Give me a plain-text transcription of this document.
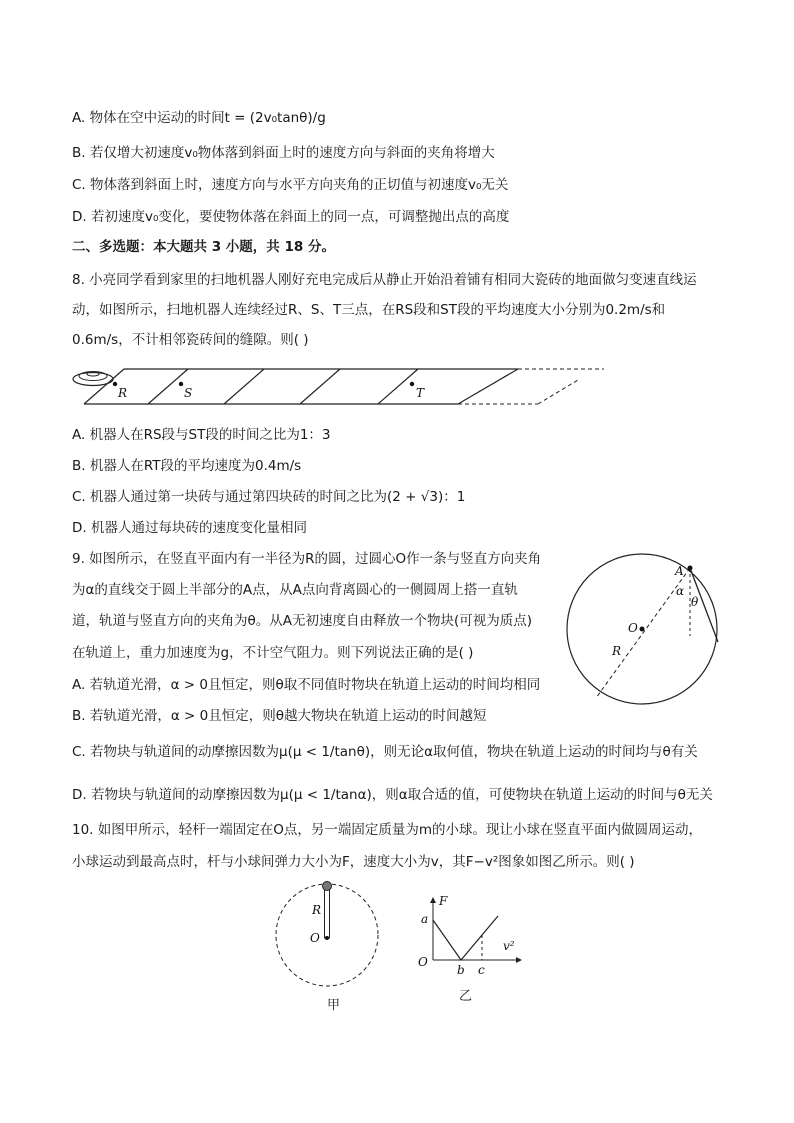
A. 物体在空中运动的时间t = (2v₀tanθ)/g
B. 若仅增大初速度v₀物体落到斜面上时的速度方向与斜面的夹角将增大
C. 物体落到斜面上时，速度方向与水平方向夹角的正切值与初速度v₀无关
D. 若初速度v₀变化，要使物体落在斜面上的同一点，可调整抛出点的高度
二、多选题：本大题共 3 小题，共 18 分。
8. 小亮同学看到家里的扫地机器人刚好充电完成后从静止开始沿着铺有相同大瓷砖的地面做匀变速直线运
动，如图所示，扫地机器人连续经过R、S、T三点，在RS段和ST段的平均速度大小分别为0.2m/s和
0.6m/s，不计相邻瓷砖间的缝隙。则( )
R	S	T
A. 机器人在RS段与ST段的时间之比为1：3
B. 机器人在RT段的平均速度为0.4m/s
C. 机器人通过第一块砖与通过第四块砖的时间之比为(2 + √3)：1
D. 机器人通过每块砖的速度变化量相同
9. 如图所示，在竖直平面内有一半径为R的圆，过圆心O作一条与竖直方向夹角
为α的直线交于圆上半部分的A点，从A点向背离圆心的一侧圆周上搭一直轨
道，轨道与竖直方向的夹角为θ。从A无初速度自由释放一个物块(可视为质点)
在轨道上，重力加速度为g，不计空气阻力。则下列说法正确的是( )
A
α
θ
O
R
A. 若轨道光滑，α > 0且恒定，则θ取不同值时物块在轨道上运动的时间均相同
B. 若轨道光滑，α > 0且恒定，则θ越大物块在轨道上运动的时间越短
C. 若物块与轨道间的动摩擦因数为μ(μ < 1/tanθ)，则无论α取何值，物块在轨道上运动的时间均与θ有关
D. 若物块与轨道间的动摩擦因数为μ(μ < 1/tanα)，则α取合适的值，可使物块在轨道上运动的时间与θ无关
10. 如图甲所示，轻杆一端固定在O点，另一端固定质量为m的小球。现让小球在竖直平面内做圆周运动，
小球运动到最高点时，杆与小球间弹力大小为F，速度大小为v，其F−v²图象如图乙所示。则( )
R
O
甲
F
a
O
v²
b c
乙
